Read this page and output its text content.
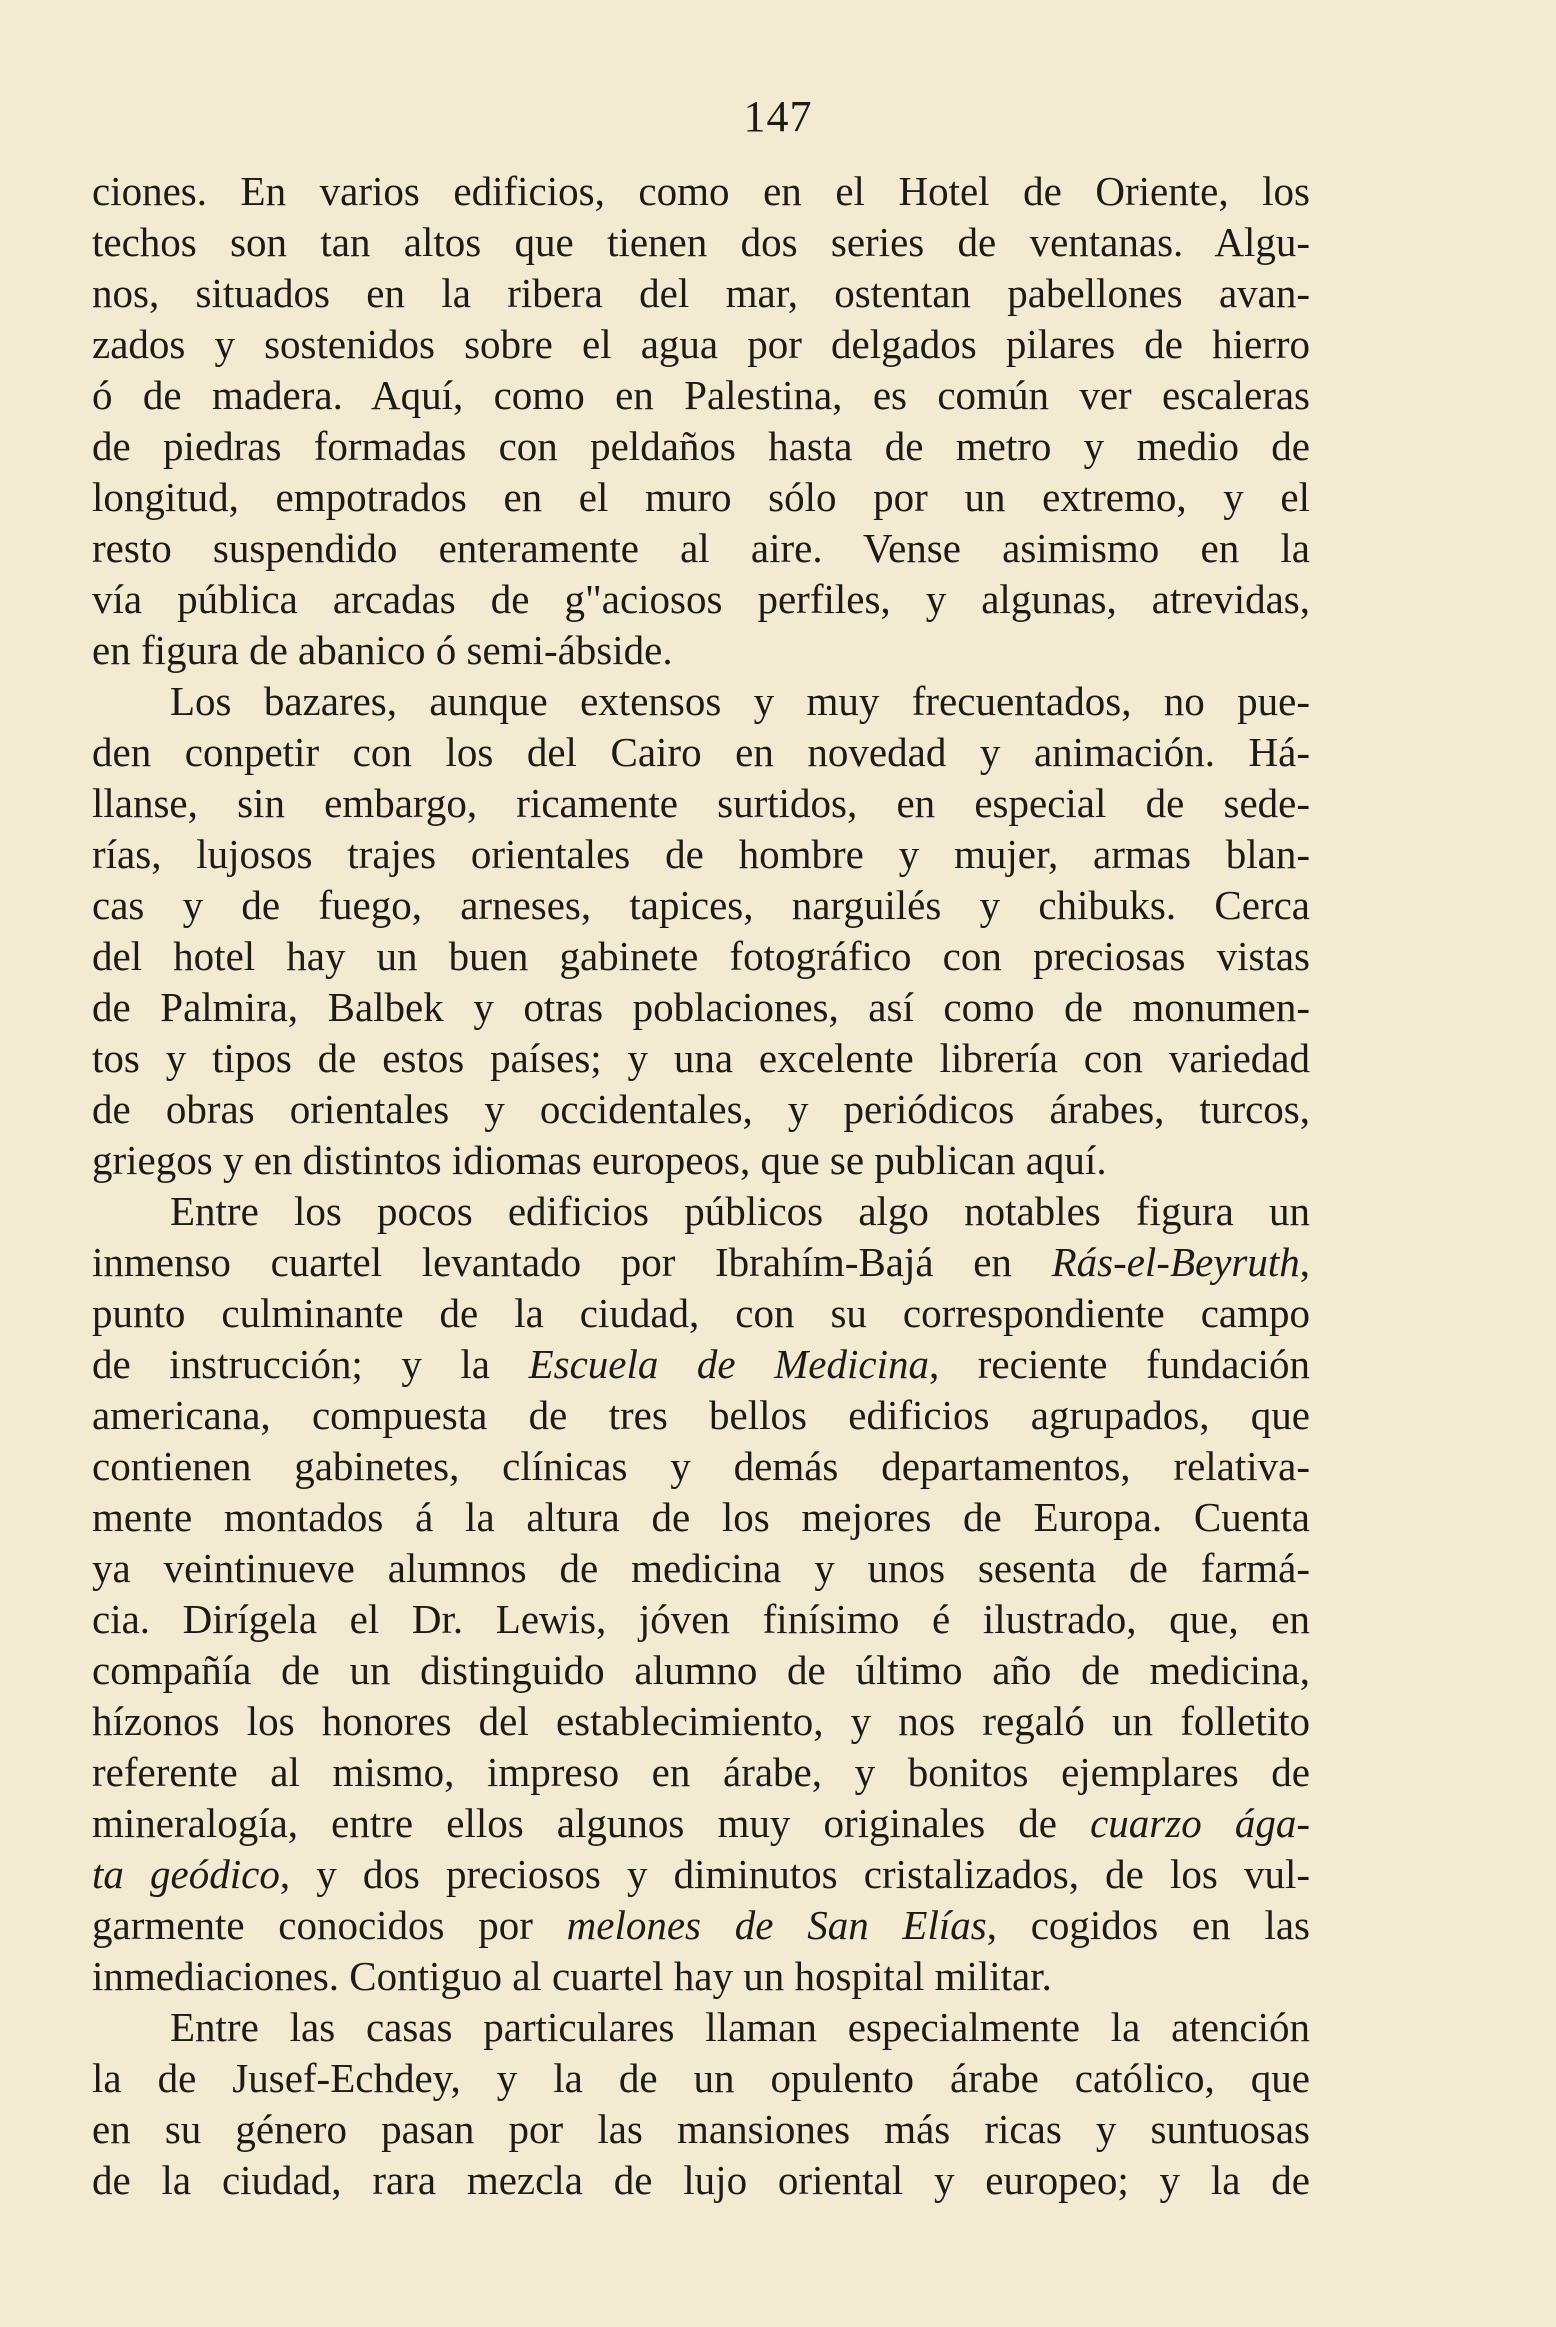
147
ciones. En varios edificios, como en el Hotel de Oriente, los
techos son tan altos que tienen dos series de ventanas. Algu-
nos, situados en la ribera del mar, ostentan pabellones avan-
zados y sostenidos sobre el agua por delgados pilares de hierro
ó de madera. Aquí, como en Palestina, es común ver escaleras
de piedras formadas con peldaños hasta de metro y medio de
longitud, empotrados en el muro sólo por un extremo, y el
resto suspendido enteramente al aire. Vense asimismo en la
vía pública arcadas de g"aciosos perfiles, y algunas, atrevidas,
en figura de abanico ó semi-ábside.
Los bazares, aunque extensos y muy frecuentados, no pue-
den conpetir con los del Cairo en novedad y animación. Há-
llanse, sin embargo, ricamente surtidos, en especial de sede-
rías, lujosos trajes orientales de hombre y mujer, armas blan-
cas y de fuego, arneses, tapices, narguilés y chibuks. Cerca
del hotel hay un buen gabinete fotográfico con preciosas vistas
de Palmira, Balbek y otras poblaciones, así como de monumen-
tos y tipos de estos países; y una excelente librería con variedad
de obras orientales y occidentales, y periódicos árabes, turcos,
griegos y en distintos idiomas europeos, que se publican aquí.
Entre los pocos edificios públicos algo notables figura un
inmenso cuartel levantado por Ibrahím-Bajá en Rás-el-Beyruth,
punto culminante de la ciudad, con su correspondiente campo
de instrucción; y la Escuela de Medicina, reciente fundación
americana, compuesta de tres bellos edificios agrupados, que
contienen gabinetes, clínicas y demás departamentos, relativa-
mente montados á la altura de los mejores de Europa. Cuenta
ya veintinueve alumnos de medicina y unos sesenta de farmá-
cia. Dirígela el Dr. Lewis, jóven finísimo é ilustrado, que, en
compañía de un distinguido alumno de último año de medicina,
hízonos los honores del establecimiento, y nos regaló un folletito
referente al mismo, impreso en árabe, y bonitos ejemplares de
mineralogía, entre ellos algunos muy originales de cuarzo ága-
ta geódico, y dos preciosos y diminutos cristalizados, de los vul-
garmente conocidos por melones de San Elías, cogidos en las
inmediaciones. Contiguo al cuartel hay un hospital militar.
Entre las casas particulares llaman especialmente la atención
la de Jusef-Echdey, y la de un opulento árabe católico, que
en su género pasan por las mansiones más ricas y suntuosas
de la ciudad, rara mezcla de lujo oriental y europeo; y la de
